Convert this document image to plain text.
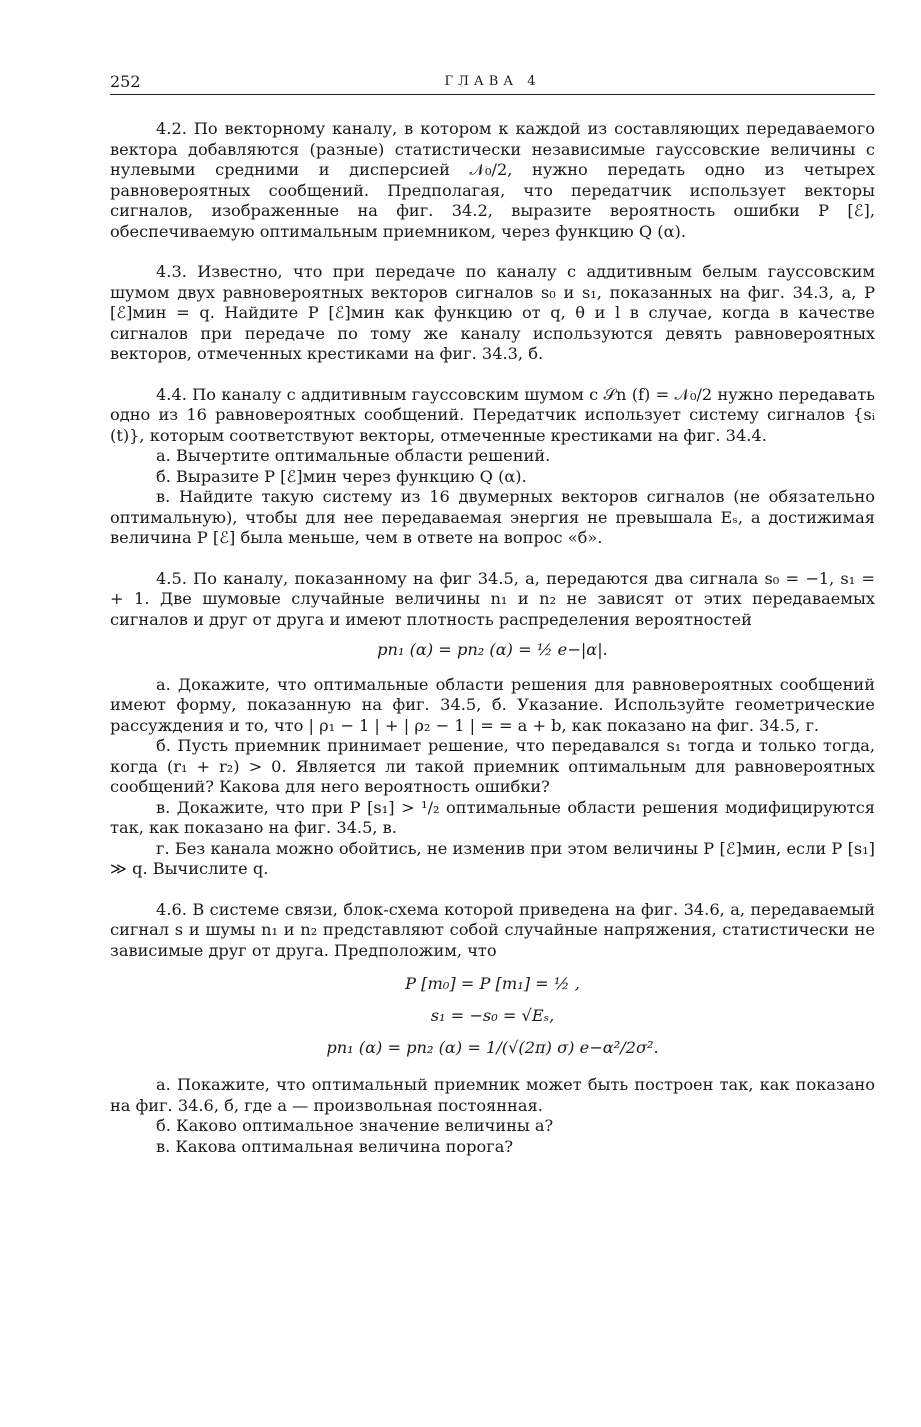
252	ГЛАВА 4

4.2. По векторному каналу, в котором к каждой из составляющих передаваемого вектора добавляются (разные) статистически независимые гауссовские величины с нулевыми средними и дисперсией 𝒩₀/2, нужно передать одно из четырех равновероятных сообщений. Предполагая, что передатчик использует векторы сигналов, изображенные на фиг. 34.2, выразите вероятность ошибки P [ℰ], обеспечиваемую оптимальным приемником, через функцию Q (α).

4.3. Известно, что при передаче по каналу с аддитивным белым гауссовским шумом двух равновероятных векторов сигналов s₀ и s₁, показанных на фиг. 34.3, а, P [ℰ]мин = q. Найдите P [ℰ]мин как функцию от q, θ и l в случае, когда в качестве сигналов при передаче по тому же каналу используются девять равновероятных векторов, отмеченных крестиками на фиг. 34.3, б.

4.4. По каналу с аддитивным гауссовским шумом с 𝒮n (f) = 𝒩₀/2 нужно передавать одно из 16 равновероятных сообщений. Передатчик использует систему сигналов {sᵢ (t)}, которым соответствуют векторы, отмеченные крестиками на фиг. 34.4.

а. Вычертите оптимальные области решений.

б. Выразите P [ℰ]мин через функцию Q (α).

в. Найдите такую систему из 16 двумерных векторов сигналов (не обязательно оптимальную), чтобы для нее передаваемая энергия не превышала Eₛ, а достижимая величина P [ℰ] была меньше, чем в ответе на вопрос «б».

4.5. По каналу, показанному на фиг 34.5, а, передаются два сигнала s₀ = −1, s₁ = + 1. Две шумовые случайные величины n₁ и n₂ не зависят от этих передаваемых сигналов и друг от друга и имеют плотность распределения вероятностей

pn₁ (α) = pn₂ (α) = ½ e−|α|.

а. Докажите, что оптимальные области решения для равновероятных сообщений имеют форму, показанную на фиг. 34.5, б. Указание. Используйте геометрические рассуждения и то, что | ρ₁ − 1 | + | ρ₂ − 1 | = = a + b, как показано на фиг. 34.5, г.

б. Пусть приемник принимает решение, что передавался s₁ тогда и только тогда, когда (r₁ + r₂) > 0. Является ли такой приемник оптимальным для равновероятных сообщений? Какова для него вероятность ошибки?

в. Докажите, что при P [s₁] > ¹/₂ оптимальные области решения модифицируются так, как показано на фиг. 34.5, в.

г. Без канала можно обойтись, не изменив при этом величины P [ℰ]мин, если P [s₁] ≫ q. Вычислите q.

4.6. В системе связи, блок-схема которой приведена на фиг. 34.6, а, передаваемый сигнал s и шумы n₁ и n₂ представляют собой случайные напряжения, статистически не зависимые друг от друга. Предположим, что

P [m₀] = P [m₁] = ½ ,
s₁ = −s₀ = √Eₛ,
pn₁ (α) = pn₂ (α) = 1/(√(2π) σ) e−α²/2σ².

а. Покажите, что оптимальный приемник может быть построен так, как показано на фиг. 34.6, б, где a — произвольная постоянная.

б. Каково оптимальное значение величины a?

в. Какова оптимальная величина порога?
